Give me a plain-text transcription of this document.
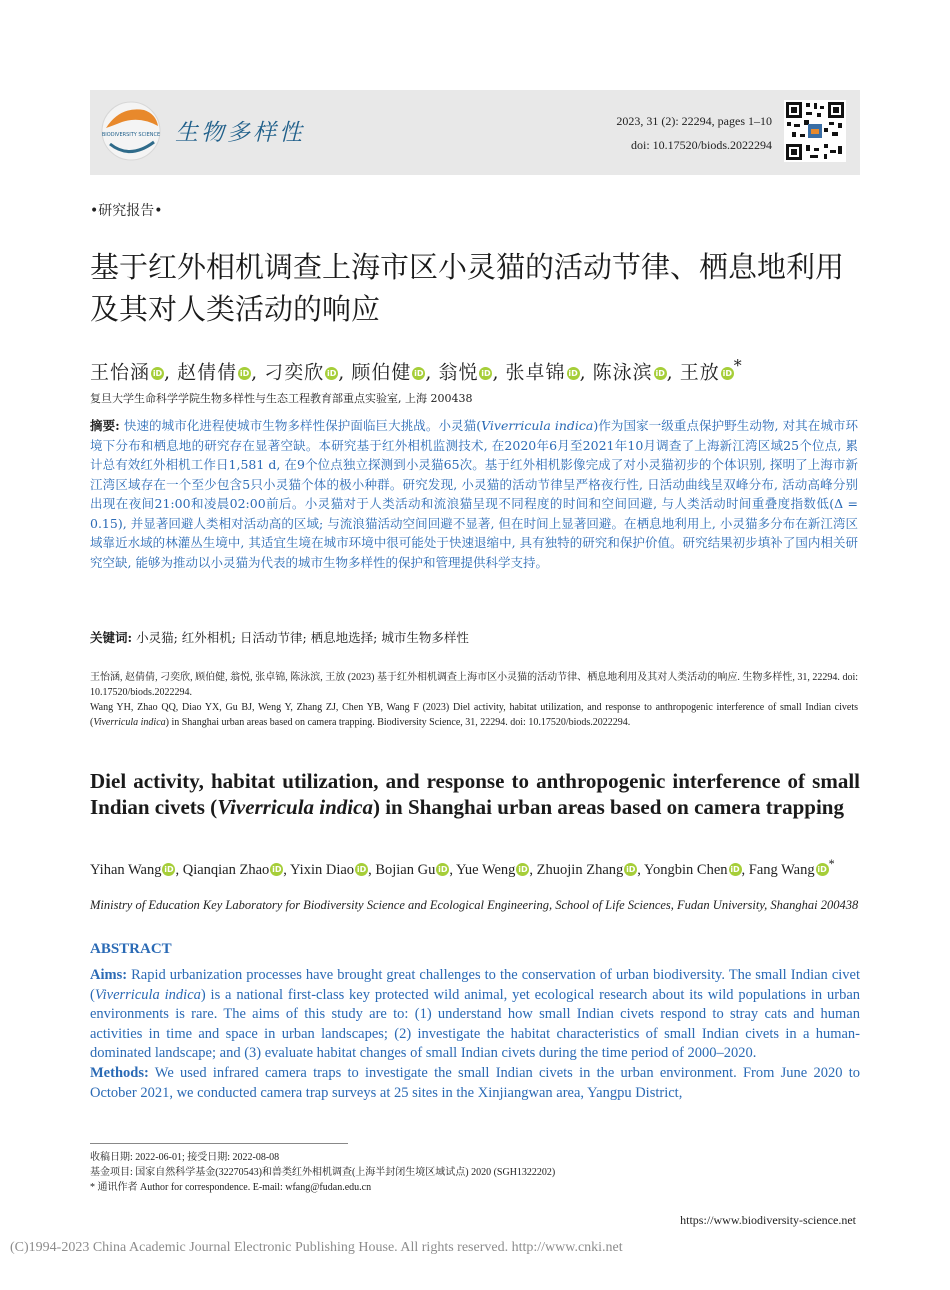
BIODIVERSITY SCIENCE 生物多样性	2023, 31 (2): 22294, pages 1–10
doi: 10.17520/biods.2022294
•研究报告•
基于红外相机调查上海市区小灵猫的活动节律、栖息地利用及其对人类活动的响应
王怡涵 iD, 赵倩倩 iD, 刁奕欣 iD, 顾伯健 iD, 翁悦 iD, 张卓锦 iD, 陈泳滨 iD, 王放 iD *
复旦大学生命科学学院生物多样性与生态工程教育部重点实验室, 上海 200438
摘要: 快速的城市化进程使城市生物多样性保护面临巨大挑战。小灵猫(Viverricula indica)作为国家一级重点保护野生动物, 对其在城市环境下分布和栖息地的研究存在显著空缺。本研究基于红外相机监测技术, 在2020年6月至2021年10月调查了上海新江湾区域25个位点, 累计总有效红外相机工作日1,581 d, 在9个位点独立探测到小灵猫65次。基于红外相机影像完成了对小灵猫初步的个体识别, 探明了上海市新江湾区域存在一个至少包含5只小灵猫个体的极小种群。研究发现, 小灵猫的活动节律呈严格夜行性, 日活动曲线呈双峰分布, 活动高峰分别出现在夜间21:00和凌晨02:00前后。小灵猫对于人类活动和流浪猫呈现不同程度的时间和空间回避, 与人类活动时间重叠度指数低(Δ = 0.15), 并显著回避人类相对活动高的区域; 与流浪猫活动空间回避不显著, 但在时间上显著回避。在栖息地利用上, 小灵猫多分布在新江湾区域靠近水域的林灌丛生境中, 其适宜生境在城市环境中很可能处于快速退缩中, 具有独特的研究和保护价值。研究结果初步填补了国内相关研究空缺, 能够为推动以小灵猫为代表的城市生物多样性的保护和管理提供科学支持。
关键词: 小灵猫; 红外相机; 日活动节律; 栖息地选择; 城市生物多样性
王怡涵, 赵倩倩, 刁奕欣, 顾伯健, 翁悦, 张卓锦, 陈泳滨, 王放 (2023) 基于红外相机调查上海市区小灵猫的活动节律、栖息地利用及其对人类活动的响应. 生物多样性, 31, 22294. doi: 10.17520/biods.2022294.
Wang YH, Zhao QQ, Diao YX, Gu BJ, Weng Y, Zhang ZJ, Chen YB, Wang F (2023) Diel activity, habitat utilization, and response to anthropogenic interference of small Indian civets (Viverricula indica) in Shanghai urban areas based on camera trapping. Biodiversity Science, 31, 22294. doi: 10.17520/biods.2022294.
Diel activity, habitat utilization, and response to anthropogenic interference of small Indian civets (Viverricula indica) in Shanghai urban areas based on camera trapping
Yihan Wang iD , Qianqian Zhao iD , Yixin Diao iD , Bojian Gu iD , Yue Weng iD , Zhuojin Zhang iD , Yongbin Chen iD , Fang Wang iD *
Ministry of Education Key Laboratory for Biodiversity Science and Ecological Engineering, School of Life Sciences, Fudan University, Shanghai 200438
ABSTRACT
Aims: Rapid urbanization processes have brought great challenges to the conservation of urban biodiversity. The small Indian civet (Viverricula indica) is a national first-class key protected wild animal, yet ecological research about its wild populations in urban environments is rare. The aims of this study are to: (1) understand how small Indian civets respond to stray cats and human activities in time and space in urban landscapes; (2) investigate the habitat characteristics of small Indian civets in a human-dominated landscape; and (3) evaluate habitat changes of small Indian civets during the time period of 2000–2020.
Methods: We used infrared camera traps to investigate the small Indian civets in the urban environment. From June 2020 to October 2021, we conducted camera trap surveys at 25 sites in the Xinjiangwan area, Yangpu District,
收稿日期: 2022-06-01; 接受日期: 2022-08-08
基金项目: 国家自然科学基金(32270543)和兽类红外相机调查(上海半封闭生境区域试点) 2020 (SGH1322202)
* 通讯作者 Author for correspondence. E-mail: wfang@fudan.edu.cn
https://www.biodiversity-science.net
(C)1994-2023 China Academic Journal Electronic Publishing House. All rights reserved. http://www.cnki.net
